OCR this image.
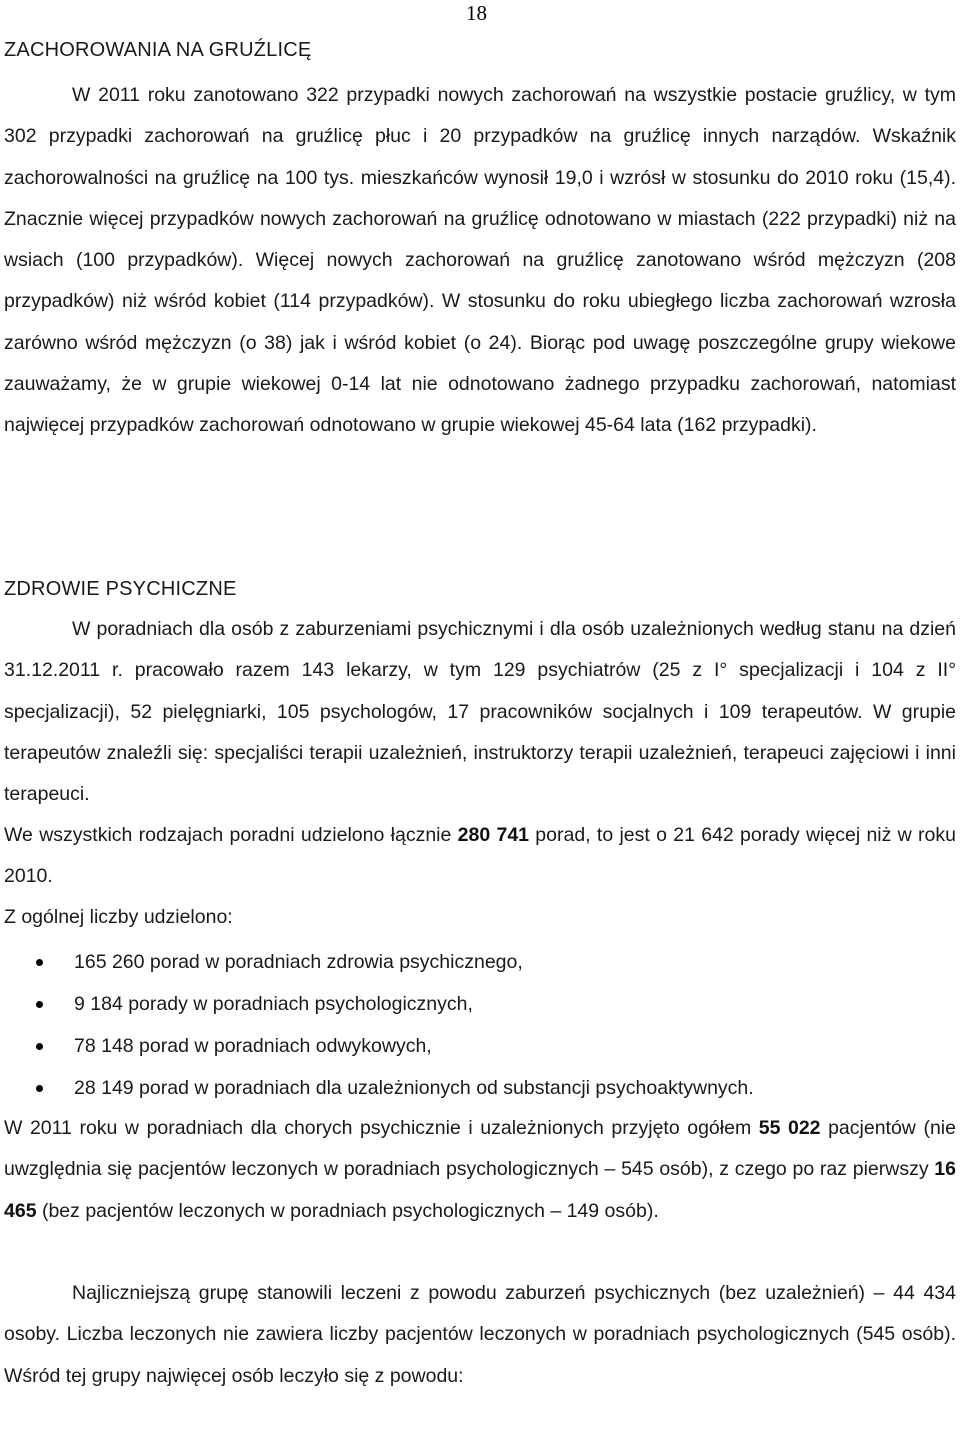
18
ZACHOROWANIA NA GRUŹLICĘ

W 2011 roku zanotowano 322 przypadki nowych zachorowań na wszystkie postacie gruźlicy, w tym 302 przypadki zachorowań na gruźlicę płuc i 20 przypadków na gruźlicę innych narządów. Wskaźnik zachorowalności na gruźlicę na 100 tys. mieszkańców wynosił 19,0 i wzrósł w stosunku do 2010 roku (15,4). Znacznie więcej przypadków nowych zachorowań na gruźlicę odnotowano w miastach (222 przypadki) niż na wsiach (100 przypadków). Więcej nowych zachorowań na gruźlicę zanotowano wśród mężczyzn (208 przypadków) niż wśród kobiet (114 przypadków). W stosunku do roku ubiegłego liczba zachorowań wzrosła zarówno wśród mężczyzn (o 38) jak i wśród kobiet (o 24). Biorąc pod uwagę poszczególne grupy wiekowe zauważamy, że w grupie wiekowej 0-14 lat nie odnotowano żadnego przypadku zachorowań, natomiast najwięcej przypadków zachorowań odnotowano w grupie wiekowej 45-64 lata (162 przypadki).

ZDROWIE PSYCHICZNE

W poradniach dla osób z zaburzeniami psychicznymi i dla osób uzależnionych według stanu na dzień 31.12.2011 r. pracowało razem 143 lekarzy, w tym 129 psychiatrów (25 z I° specjalizacji i 104 z II° specjalizacji), 52 pielęgniarki, 105 psychologów, 17 pracowników socjalnych i 109 terapeutów. W grupie terapeutów znaleźli się: specjaliści terapii uzależnień, instruktorzy terapii uzależnień, terapeuci zajęciowi i inni terapeuci.

We wszystkich rodzajach poradni udzielono łącznie 280 741 porad, to jest o 21 642 porady więcej niż w roku 2010.

Z ogólnej liczby udzielono:

165 260 porad w poradniach zdrowia psychicznego,
9 184 porady w poradniach psychologicznych,
78 148 porad w poradniach odwykowych,
28 149 porad w poradniach dla uzależnionych od substancji psychoaktywnych.

W 2011 roku w poradniach dla chorych psychicznie i uzależnionych przyjęto ogółem 55 022 pacjentów (nie uwzględnia się pacjentów leczonych w poradniach psychologicznych – 545 osób), z czego po raz pierwszy 16 465 (bez pacjentów leczonych w poradniach psychologicznych – 149 osób).

Najliczniejszą grupę stanowili leczeni z powodu zaburzeń psychicznych (bez uzależnień) – 44 434 osoby. Liczba leczonych nie zawiera liczby pacjentów leczonych w poradniach psychologicznych (545 osób). Wśród tej grupy najwięcej osób leczyło się z powodu:
